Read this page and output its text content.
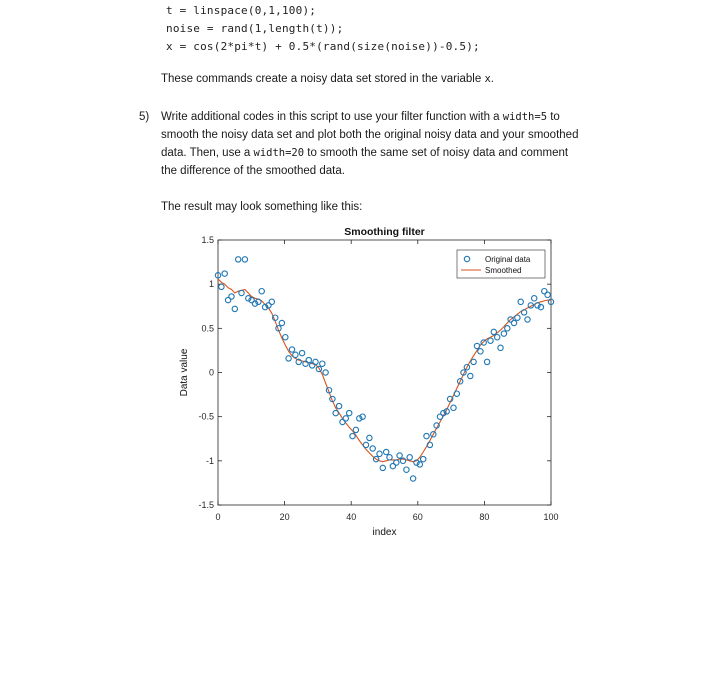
t = linspace(0,1,100);
noise = rand(1,length(t));
x = cos(2*pi*t) + 0.5*(rand(size(noise))-0.5);
These commands create a noisy data set stored in the variable x.
5) Write additional codes in this script to use your filter function with a width=5 to
smooth the noisy data set and plot both the original noisy data and your smoothed
data. Then, use a width=20 to smooth the same set of noisy data and comment
the difference of the smoothed data.
The result may look something like this:
0	20	40	60	80	100
-1.5
-1
-0.5
0
0.5
1
1.5
Smoothing filter
index
Data value
Original data
Smoothed
